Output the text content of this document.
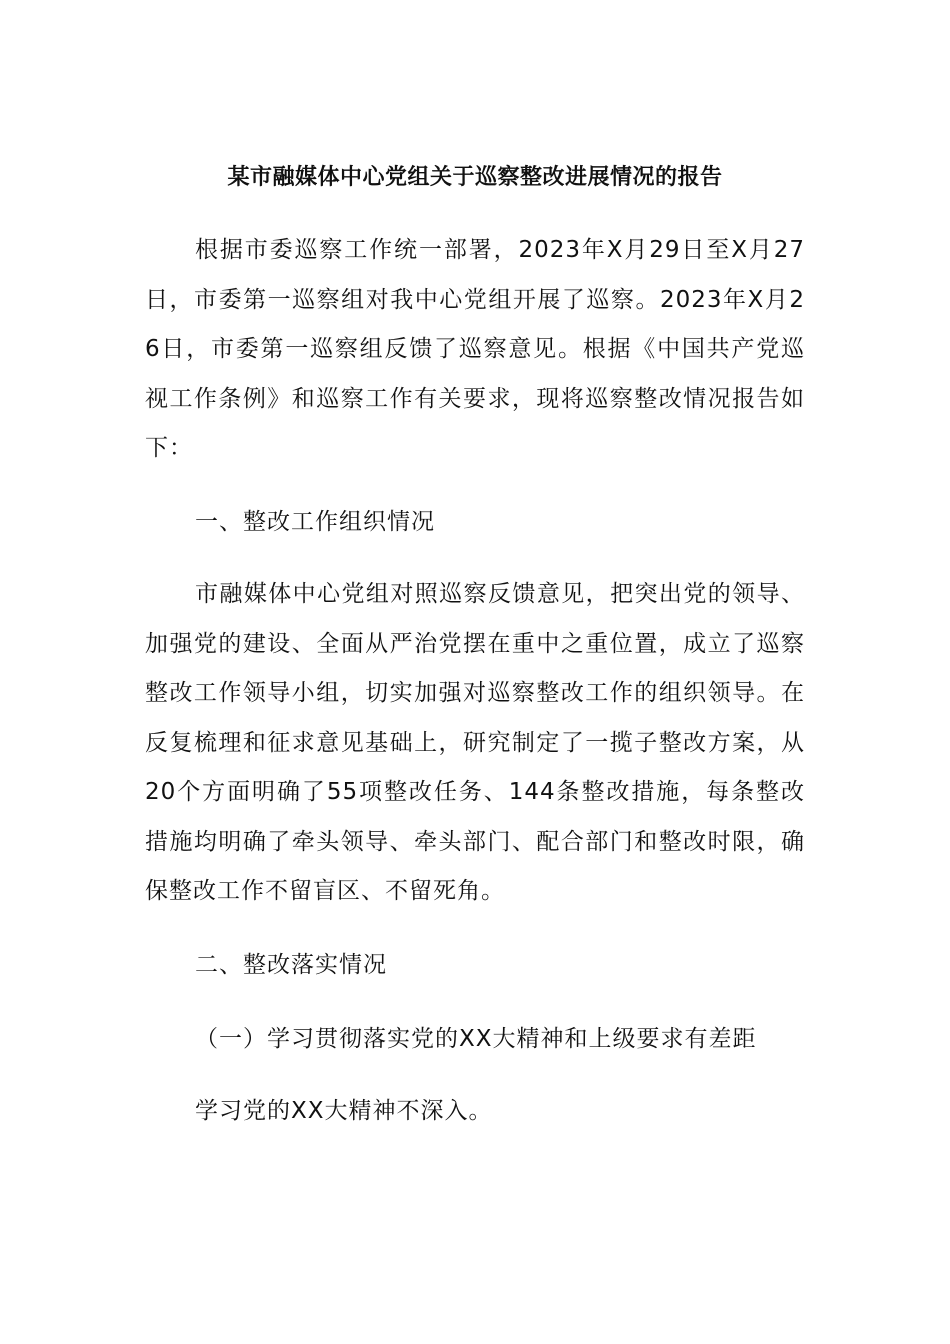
某市融媒体中心党组关于巡察整改进展情况的报告

根据市委巡察工作统一部署，2023年X月29日至X月27日，市委第一巡察组对我中心党组开展了巡察。2023年X月26日，市委第一巡察组反馈了巡察意见。根据《中国共产党巡视工作条例》和巡察工作有关要求，现将巡察整改情况报告如下：

一、整改工作组织情况

市融媒体中心党组对照巡察反馈意见，把突出党的领导、加强党的建设、全面从严治党摆在重中之重位置，成立了巡察整改工作领导小组，切实加强对巡察整改工作的组织领导。在反复梳理和征求意见基础上，研究制定了一揽子整改方案，从20个方面明确了55项整改任务、144条整改措施，每条整改措施均明确了牵头领导、牵头部门、配合部门和整改时限，确保整改工作不留盲区、不留死角。

二、整改落实情况
（一）学习贯彻落实党的XX大精神和上级要求有差距
学习党的XX大精神不深入。
